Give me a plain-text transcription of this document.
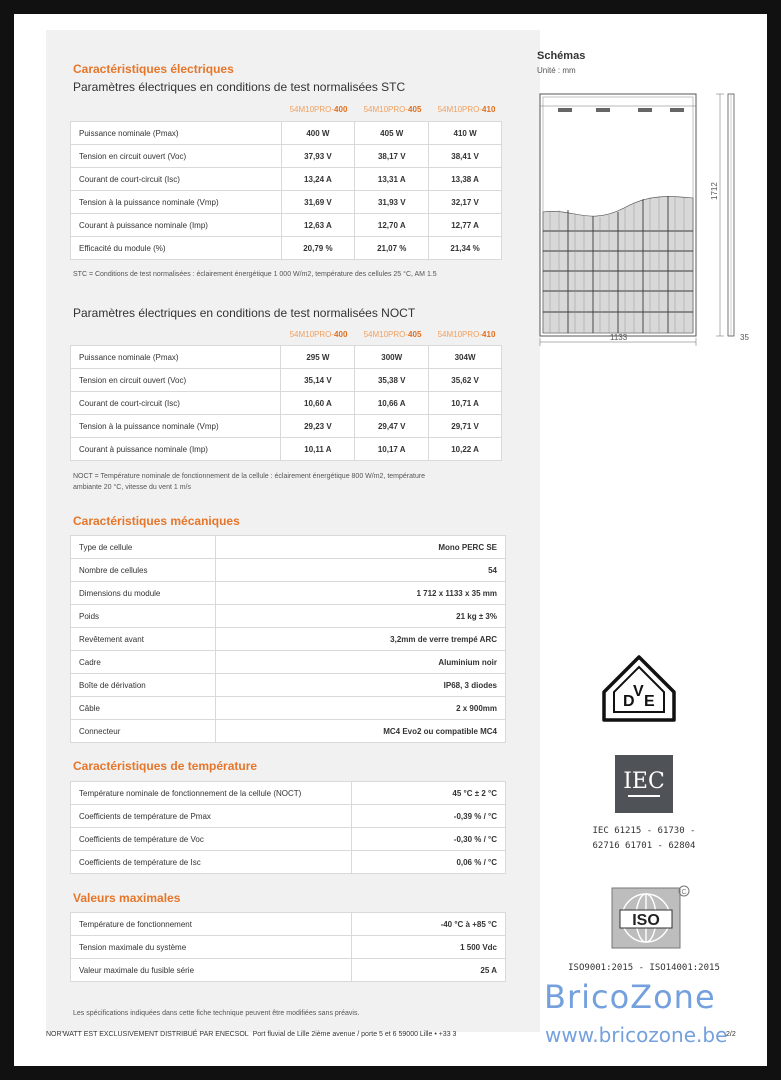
Caractéristiques électriques
Paramètres électriques en conditions de test normalisées STC
54M10PRO-400	54M10PRO-405	54M10PRO-410
Puissance nominale (Pmax)	400 W	405 W	410 W
Tension en circuit ouvert (Voc)	37,93 V	38,17 V	38,41 V
Courant de court-circuit (Isc)	13,24 A	13,31 A	13,38 A
Tension à la puissance nominale (Vmp)	31,69 V	31,93 V	32,17 V
Courant à puissance nominale (Imp)	12,63 A	12,70 A	12,77 A
Efficacité du module (%)	20,79 %	21,07 %	21,34 %
STC = Conditions de test normalisées : éclairement énergétique 1 000 W/m2, température des cellules 25 °C, AM 1.5
Paramètres électriques en conditions de test normalisées NOCT
54M10PRO-400	54M10PRO-405	54M10PRO-410
Puissance nominale (Pmax)	295 W	300W	304W
Tension en circuit ouvert (Voc)	35,14 V	35,38 V	35,62 V
Courant de court-circuit (Isc)	10,60 A	10,66 A	10,71 A
Tension à la puissance nominale (Vmp)	29,23 V	29,47 V	29,71 V
Courant à puissance nominale (Imp)	10,11 A	10,17 A	10,22 A
NOCT = Température nominale de fonctionnement de la cellule : éclairement énergétique 800 W/m2, température
ambiante 20 °C, vitesse du vent 1 m/s
Caractéristiques mécaniques
Type de cellule	Mono PERC SE
Nombre de cellules	54
Dimensions du module	1 712 x 1133 x 35 mm
Poids	21 kg ± 3%
Revêtement avant	3,2mm de verre trempé ARC
Cadre	Aluminium noir
Boîte de dérivation	IP68, 3 diodes
Câble	2 x 900mm
Connecteur	MC4 Evo2 ou compatible MC4
Caractéristiques de température
Température nominale de fonctionnement de la cellule (NOCT)	45 °C ± 2 °C
Coefficients de température de Pmax	-0,39 % / °C
Coefficients de température de Voc	-0,30 % / °C
Coefficients de température de Isc	0,06 % / °C
Valeurs maximales
Température de fonctionnement	-40 °C à +85 °C
Tension maximale du système	1 500 Vdc
Valeur maximale du fusible série	25 A
Les spécifications indiquées dans cette fiche technique peuvent être modifiées sans préavis.
NOR'WATT EST EXCLUSIVEMENT DISTRIBUÉ PAR ENECSOL Port fluvial de Lille 2ième avenue / porte 5 et 6 59000 Lille • +33 3	2/2
Schémas
Unité : mm
1133
1712
35
D
V
E
IEC
IEC 61215 - 61730 -
62716 61701 - 62804
ISO
C
ISO9001:2015 - ISO14001:2015
BricoZone
www.bricozone.be
